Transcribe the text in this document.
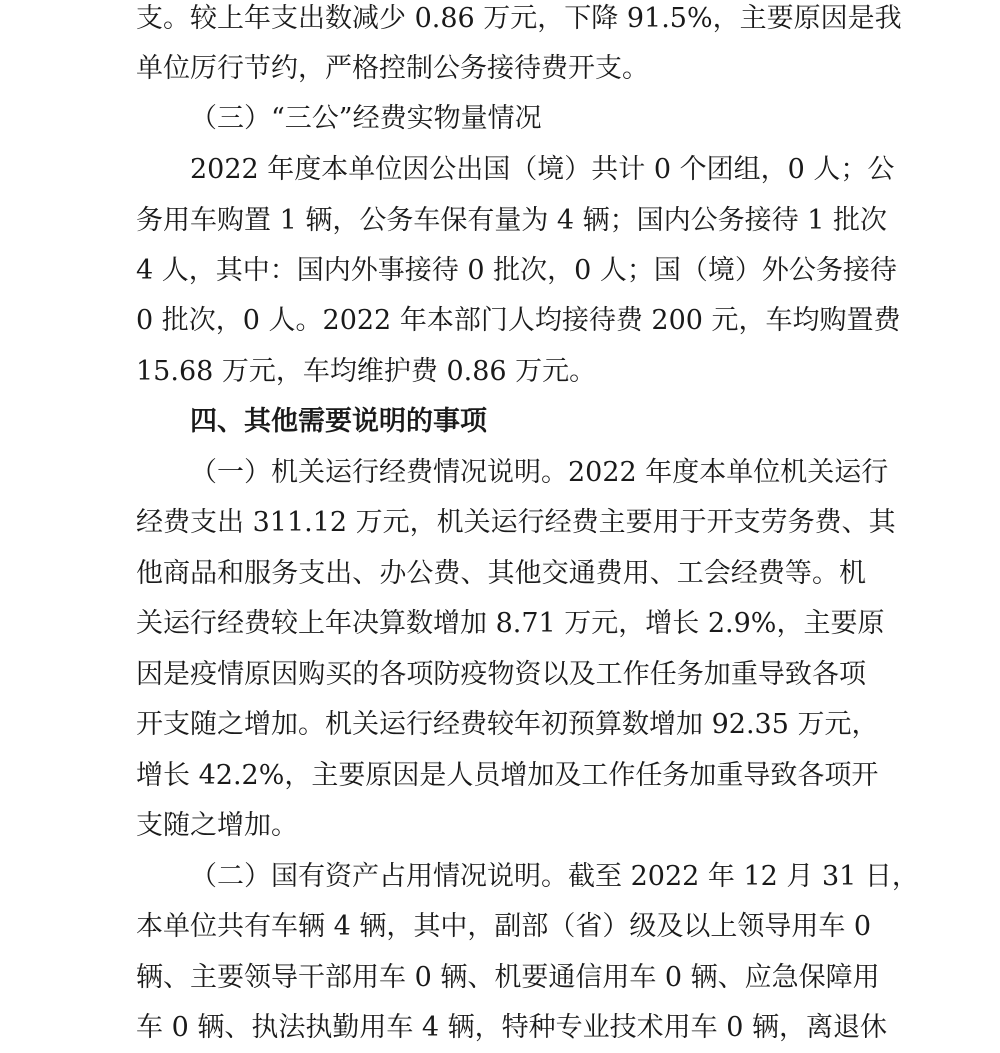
支。较上年支出数减少 0.86 万元，下降 91.5%，主要原因是我
单位厉行节约，严格控制公务接待费开支。
（三）“三公”经费实物量情况
2022 年度本单位因公出国（境）共计 0 个团组，0 人；公
务用车购置 1 辆，公务车保有量为 4 辆；国内公务接待 1 批次
4 人，其中：国内外事接待 0 批次，0 人；国（境）外公务接待
0 批次，0 人。2022 年本部门人均接待费 200 元，车均购置费
15.68 万元，车均维护费 0.86 万元。
四、其他需要说明的事项
（一）机关运行经费情况说明。2022 年度本单位机关运行
经费支出 311.12 万元，机关运行经费主要用于开支劳务费、其
他商品和服务支出、办公费、其他交通费用、工会经费等。机
关运行经费较上年决算数增加 8.71 万元，增长 2.9%，主要原
因是疫情原因购买的各项防疫物资以及工作任务加重导致各项
开支随之增加。机关运行经费较年初预算数增加 92.35 万元，
增长 42.2%，主要原因是人员增加及工作任务加重导致各项开
支随之增加。
（二）国有资产占用情况说明。截至 2022 年 12 月 31 日，
本单位共有车辆 4 辆，其中，副部（省）级及以上领导用车 0
辆、主要领导干部用车 0 辆、机要通信用车 0 辆、应急保障用
车 0 辆、执法执勤用车 4 辆，特种专业技术用车 0 辆，离退休
